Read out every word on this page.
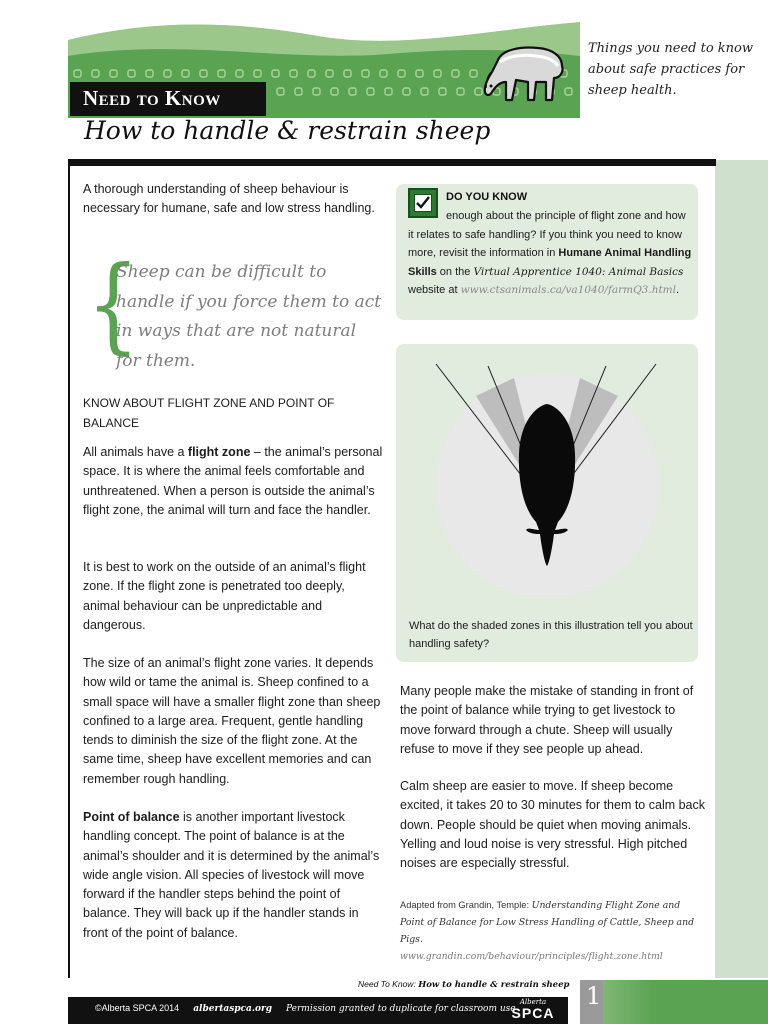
Need to Know
Things you need to know about safe practices for sheep health.
How to handle & restrain sheep
A thorough understanding of sheep behaviour is necessary for humane, safe and low stress handling.
{
Sheep can be difficult to handle if you force them to act in ways that are not natural for them.
KNOW ABOUT FLIGHT ZONE AND POINT OF BALANCE
All animals have a flight zone – the animal’s personal space. It is where the animal feels comfortable and unthreatened. When a person is outside the animal’s flight zone, the animal will turn and face the handler.
It is best to work on the outside of an animal’s flight zone. If the flight zone is penetrated too deeply, animal behaviour can be unpredictable and dangerous.
The size of an animal’s flight zone varies. It depends how wild or tame the animal is. Sheep confined to a small space will have a smaller flight zone than sheep confined to a large area. Frequent, gentle handling tends to diminish the size of the flight zone. At the same time, sheep have excellent memories and can remember rough handling.
Point of balance is another important livestock handling concept. The point of balance is at the animal’s shoulder and it is determined by the animal’s wide angle vision. All species of livestock will move forward if the handler steps behind the point of balance. They will back up if the handler stands in front of the point of balance.
DO YOU KNOW
enough about the principle of flight zone and how it relates to safe handling? If you think you need to know more, revisit the information in Humane Animal Handling Skills on the Virtual Apprentice 1040: Animal Basics website at www.ctsanimals.ca/va1040/farmQ3.html.
What do the shaded zones in this illustration tell you about handling safety?
Many people make the mistake of standing in front of the point of balance while trying to get livestock to move forward through a chute. Sheep will usually refuse to move if they see people up ahead.
Calm sheep are easier to move. If sheep become excited, it takes 20 to 30 minutes for them to calm back down. People should be quiet when moving animals. Yelling and loud noise is very stressful. High pitched noises are especially stressful.
Adapted from Grandin, Temple: Understanding Flight Zone and Point of Balance for Low Stress Handling of Cattle, Sheep and Pigs.
www.grandin.com/behaviour/principles/flight.zone.html
Need To Know: How to handle & restrain sheep
©Alberta SPCA 2014 albertaspca.org Permission granted to duplicate for classroom use
Alberta
SPCA
1
